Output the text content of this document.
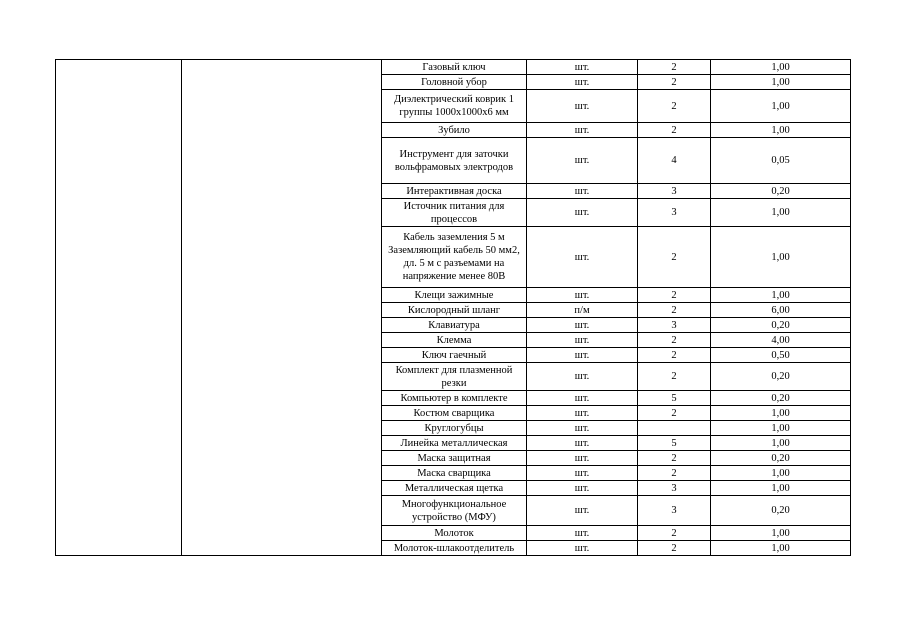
		Газовый ключ	шт.	2	1,00
		Головной убор	шт.	2	1,00
		Диэлектрический коврик 1 группы 1000х1000х6 мм	шт.	2	1,00
		Зубило	шт.	2	1,00
		Инструмент для заточки вольфрамовых электродов	шт.	4	0,05
		Интерактивная доска	шт.	3	0,20
		Источник питания для процессов	шт.	3	1,00
		Кабель заземления 5 м Заземляющий кабель 50 мм2, дл. 5 м с разъемами на напряжение менее 80В	шт.	2	1,00
		Клещи зажимные	шт.	2	1,00
		Кислородный шланг	п/м	2	6,00
		Клавиатура	шт.	3	0,20
		Клемма	шт.	2	4,00
		Ключ гаечный	шт.	2	0,50
		Комплект для плазменной резки	шт.	2	0,20
		Компьютер в комплекте	шт.	5	0,20
		Костюм сварщика	шт.	2	1,00
		Круглогубцы	шт.		1,00
		Линейка металлическая	шт.	5	1,00
		Маска защитная	шт.	2	0,20
		Маска сварщика	шт.	2	1,00
		Металлическая щетка	шт.	3	1,00
		Многофункциональное устройство (МФУ)	шт.	3	0,20
		Молоток	шт.	2	1,00
		Молоток-шлакоотделитель	шт.	2	1,00
